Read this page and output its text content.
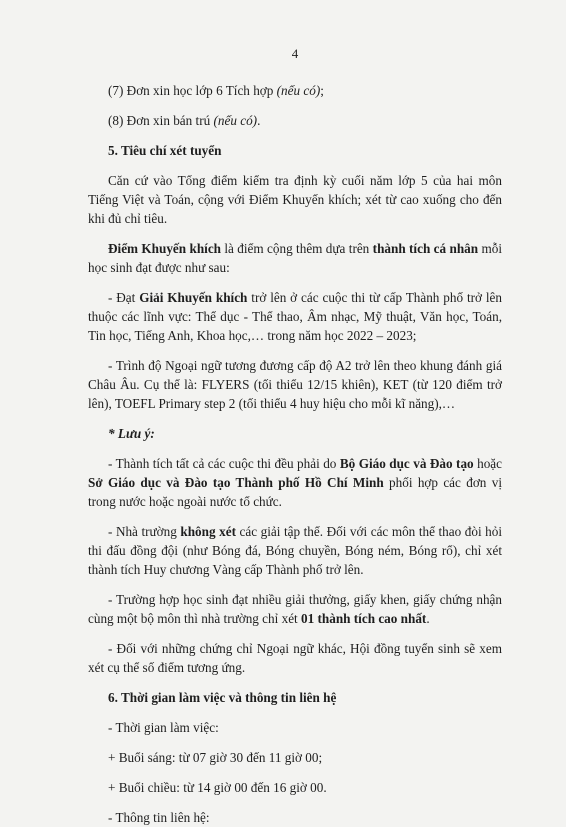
4

(7) Đơn xin học lớp 6 Tích hợp (nếu có);

(8) Đơn xin bán trú (nếu có).

5. Tiêu chí xét tuyển

Căn cứ vào Tổng điểm kiểm tra định kỳ cuối năm lớp 5 của hai môn Tiếng Việt và Toán, cộng với Điểm Khuyến khích; xét từ cao xuống cho đến khi đủ chỉ tiêu.

Điểm Khuyến khích là điểm cộng thêm dựa trên thành tích cá nhân mỗi học sinh đạt được như sau:

- Đạt Giải Khuyến khích trở lên ở các cuộc thi từ cấp Thành phố trở lên thuộc các lĩnh vực: Thể dục - Thể thao, Âm nhạc, Mỹ thuật, Văn học, Toán, Tin học, Tiếng Anh, Khoa học,… trong năm học 2022 – 2023;

- Trình độ Ngoại ngữ tương đương cấp độ A2 trở lên theo khung đánh giá Châu Âu. Cụ thể là: FLYERS (tối thiểu 12/15 khiên), KET (từ 120 điểm trở lên), TOEFL Primary step 2 (tối thiểu 4 huy hiệu cho mỗi kĩ năng),…

* Lưu ý:

- Thành tích tất cả các cuộc thi đều phải do Bộ Giáo dục và Đào tạo hoặc Sở Giáo dục và Đào tạo Thành phố Hồ Chí Minh phối hợp các đơn vị trong nước hoặc ngoài nước tổ chức.

- Nhà trường không xét các giải tập thể. Đối với các môn thể thao đòi hỏi thi đấu đồng đội (như Bóng đá, Bóng chuyền, Bóng ném, Bóng rổ), chỉ xét thành tích Huy chương Vàng cấp Thành phố trở lên.

- Trường hợp học sinh đạt nhiều giải thưởng, giấy khen, giấy chứng nhận cùng một bộ môn thì nhà trường chỉ xét 01 thành tích cao nhất.

- Đối với những chứng chỉ Ngoại ngữ khác, Hội đồng tuyển sinh sẽ xem xét cụ thể số điểm tương ứng.

6. Thời gian làm việc và thông tin liên hệ

- Thời gian làm việc:

+ Buổi sáng: từ 07 giờ 30 đến 11 giờ 00;

+ Buổi chiều: từ 14 giờ 00 đến 16 giờ 00.

- Thông tin liên hệ:
